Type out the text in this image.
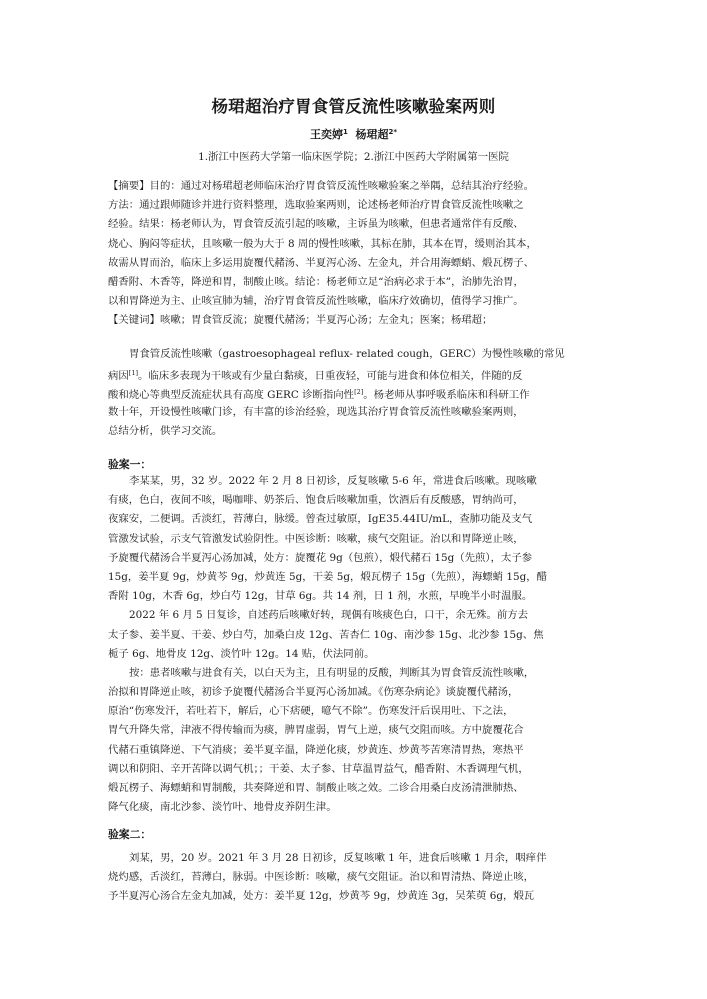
杨珺超治疗胃食管反流性咳嗽验案两则
王奕婷$^1$ 杨珺超$^{2*}$
1.浙江中医药大学第一临床医学院；2.浙江中医药大学附属第一医院
【摘要】目的：通过对杨珺超老师临床治疗胃食管反流性咳嗽验案之举隅，总结其治疗经验。
方法：通过跟师随诊并进行资料整理，选取验案两则，论述杨老师治疗胃食管反流性咳嗽之
经验。结果：杨老师认为，胃食管反流引起的咳嗽，主诉虽为咳嗽，但患者通常伴有反酸、
烧心、胸闷等症状，且咳嗽一般为大于 8 周的慢性咳嗽，其标在肺，其本在胃，缓则治其本，
故需从胃而治，临床上多运用旋覆代赭汤、半夏泻心汤、左金丸，并合用海螵蛸、煅瓦楞子、
醋香附、木香等，降逆和胃，制酸止咳。结论：杨老师立足“治病必求于本”，治肺先治胃，
以和胃降逆为主、止咳宣肺为辅，治疗胃食管反流性咳嗽，临床疗效确切，值得学习推广。
【关键词】咳嗽；胃食管反流；旋覆代赭汤；半夏泻心汤；左金丸；医案；杨珺超；
胃食管反流性咳嗽（gastroesophageal reflux- related cough，GERC）为慢性咳嗽的常见
病因[1]。临床多表现为干咳或有少量白黏痰，日重夜轻，可能与进食和体位相关，伴随的反
酸和烧心等典型反流症状具有高度 GERC 诊断指向性[2]。杨老师从事呼吸系临床和科研工作
数十年，开设慢性咳嗽门诊，有丰富的诊治经验，现选其治疗胃食管反流性咳嗽验案两则，
总结分析，供学习交流。
验案一：
李某某，男，32 岁。2022 年 2 月 8 日初诊，反复咳嗽 5-6 年，常进食后咳嗽。现咳嗽
有痰，色白，夜间不咳，喝咖啡、奶茶后、饱食后咳嗽加重，饮酒后有反酸感，胃纳尚可，
夜寐安，二便调。舌淡红，苔薄白，脉缓。曾查过敏原，IgE35.44IU/mL，查肺功能及支气
管激发试验，示支气管激发试验阴性。中医诊断：咳嗽，痰气交阻证。治以和胃降逆止咳，
予旋覆代赭汤合半夏泻心汤加减，处方：旋覆花 9g（包煎），煅代赭石 15g（先煎），太子参
15g，姜半夏 9g，炒黄芩 9g，炒黄连 5g，干姜 5g，煅瓦楞子 15g（先煎），海螵蛸 15g，醋
香附 10g，木香 6g，炒白芍 12g，甘草 6g。共 14 剂，日 1 剂，水煎，早晚半小时温服。
2022 年 6 月 5 日复诊，自述药后咳嗽好转，现偶有咳痰色白，口干，余无殊。前方去
太子参、姜半夏、干姜、炒白芍，加桑白皮 12g、苦杏仁 10g、南沙参 15g、北沙参 15g、焦
栀子 6g、地骨皮 12g、淡竹叶 12g。14 贴，伏法同前。
按：患者咳嗽与进食有关，以白天为主，且有明显的反酸，判断其为胃食管反流性咳嗽，
治拟和胃降逆止咳，初诊予旋覆代赭汤合半夏泻心汤加减。《伤寒杂病论》谈旋覆代赭汤，
原治“伤寒发汗，若吐若下，解后，心下痞硬，噫气不除”。伤寒发汗后误用吐、下之法，
胃气升降失常，津液不得传输而为痰，脾胃虚弱，胃气上逆，痰气交阻而咳。方中旋覆花合
代赭石重镇降逆、下气消痰；姜半夏辛温，降逆化痰，炒黄连、炒黄芩苦寒清胃热，寒热平
调以和阴阳、辛开苦降以调气机；；干姜、太子参、甘草温胃益气，醋香附、木香调理气机，
煅瓦楞子、海螵蛸和胃制酸，共奏降逆和胃、制酸止咳之效。二诊合用桑白皮汤清泄肺热、
降气化痰，南北沙参、淡竹叶、地骨皮养阴生津。
验案二：
刘某，男，20 岁。2021 年 3 月 28 日初诊，反复咳嗽 1 年，进食后咳嗽 1 月余，咽痒伴
烧灼感，舌淡红，苔薄白，脉弱。中医诊断：咳嗽，痰气交阻证。治以和胃清热、降逆止咳，
予半夏泻心汤合左金丸加减，处方：姜半夏 12g，炒黄芩 9g，炒黄连 3g，吴茱萸 6g，煅瓦
